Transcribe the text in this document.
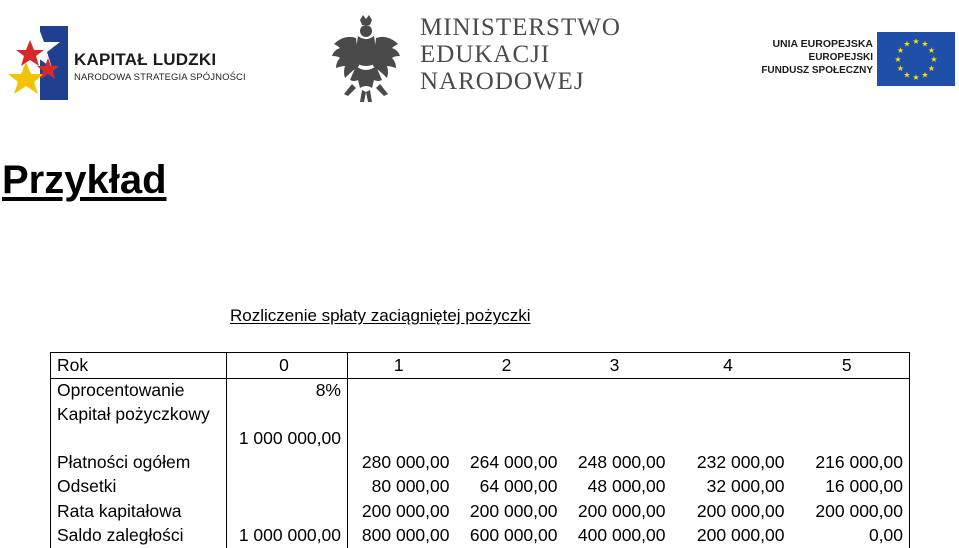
KAPITAŁ LUDZKI
NARODOWA STRATEGIA SPÓJNOŚCI
MINISTERSTWO
EDUKACJI
NARODOWEJ
UNIA EUROPEJSKA
EUROPEJSKI
FUNDUSZ SPOŁECZNY
★ ★
★
★
★
★
★
★
★
★
★
★
Przykład
Rozliczenie spłaty zaciągniętej pożyczki
Rok	0	1	2	3	4	5
Oprocentowanie	8%					
Kapitał pożyczkowy	1 000 000,00					
Płatności ogółem		280 000,00	264 000,00	248 000,00	232 000,00	216 000,00
Odsetki		80 000,00	64 000,00	48 000,00	32 000,00	16 000,00
Rata kapitałowa		200 000,00	200 000,00	200 000,00	200 000,00	200 000,00
Saldo zaległości	1 000 000,00	800 000,00	600 000,00	400 000,00	200 000,00	0,00
